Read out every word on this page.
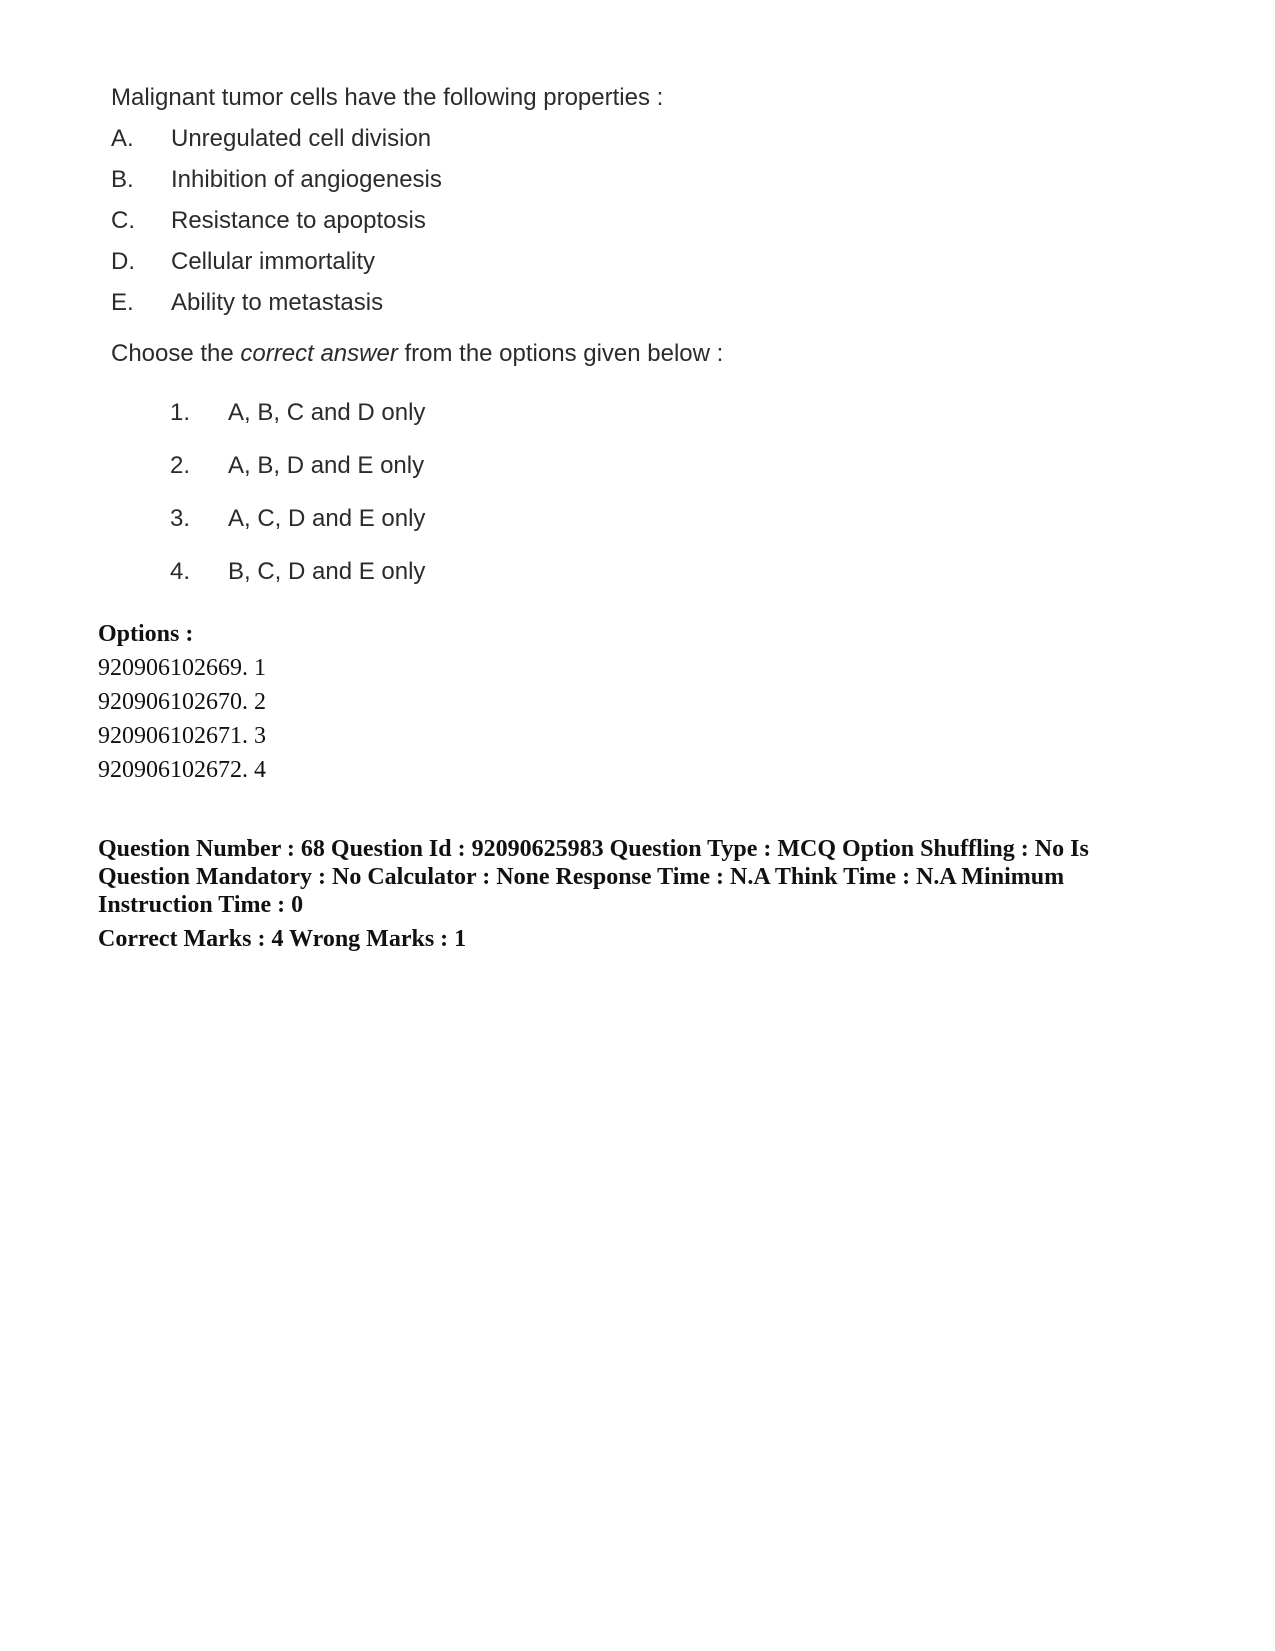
Malignant tumor cells have the following properties :
A.	Unregulated cell division
B.	Inhibition of angiogenesis
C.	Resistance to apoptosis
D.	Cellular immortality
E.	Ability to metastasis
Choose the correct answer from the options given below :
1.	A, B, C and D only
2.	A, B, D and E only
3.	A, C, D and E only
4.	B, C, D and E only
Options :
920906102669. 1
920906102670. 2
920906102671. 3
920906102672. 4
Question Number : 68 Question Id : 92090625983 Question Type : MCQ Option Shuffling : No Is Question Mandatory : No Calculator : None Response Time : N.A Think Time : N.A Minimum Instruction Time : 0
Correct Marks : 4 Wrong Marks : 1
